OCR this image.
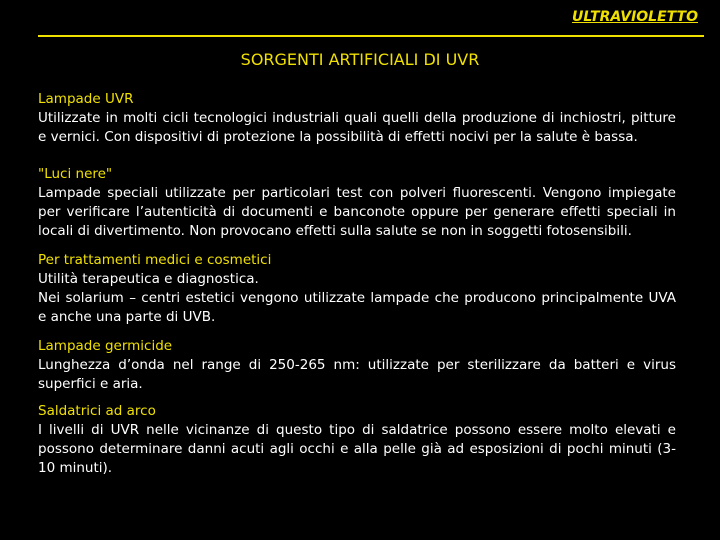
ULTRAVIOLETTO
SORGENTI ARTIFICIALI DI UVR
Lampade UVR

Utilizzate in molti cicli tecnologici industriali quali quelli della produzione di inchiostri, pitture e vernici. Con dispositivi di protezione la possibilità di effetti nocivi per la salute è bassa.

"Luci nere"

Lampade speciali utilizzate per particolari test con polveri fluorescenti. Vengono impiegate per verificare l’autenticità di documenti e banconote oppure per generare effetti speciali in locali di divertimento. Non provocano effetti sulla salute se non in soggetti fotosensibili.

Per trattamenti medici e cosmetici

Utilità terapeutica e diagnostica.

Nei solarium – centri estetici vengono utilizzate lampade che producono principalmente UVA e anche una parte di UVB.

Lampade germicide

Lunghezza d’onda nel range di 250-265 nm: utilizzate per sterilizzare da batteri e virus superfici e aria.

Saldatrici ad arco

I livelli di UVR nelle vicinanze di questo tipo di saldatrice possono essere molto elevati e possono determinare danni acuti agli occhi e alla pelle già ad esposizioni di pochi minuti (3-10 minuti).
